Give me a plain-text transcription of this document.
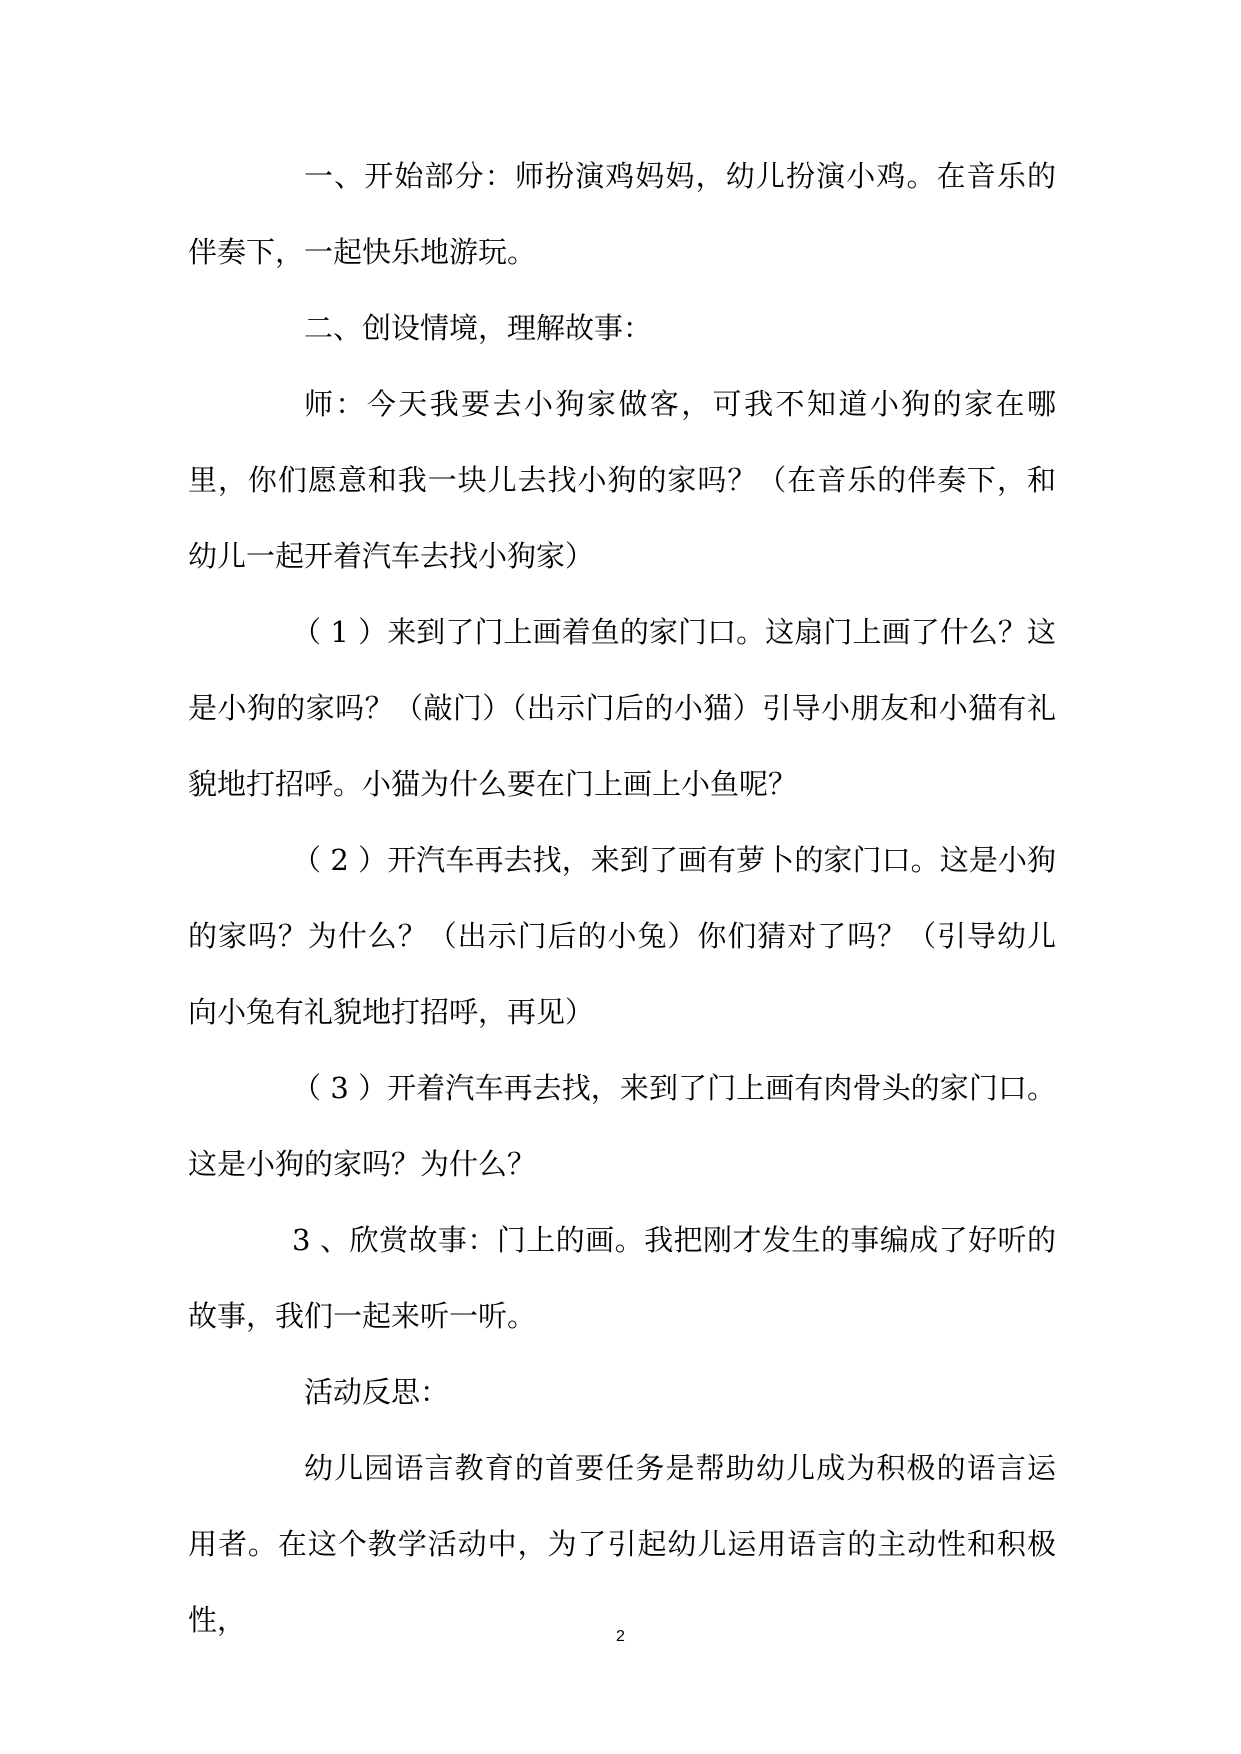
一、开始部分：师扮演鸡妈妈，幼儿扮演小鸡。在音乐的伴奏下，一起快乐地游玩。

二、创设情境，理解故事：

师：今天我要去小狗家做客，可我不知道小狗的家在哪里，你们愿意和我一块儿去找小狗的家吗？（在音乐的伴奏下，和幼儿一起开着汽车去找小狗家）

（ 1 ）来到了门上画着鱼的家门口。这扇门上画了什么？这是小狗的家吗？（敲门）（出示门后的小猫）引导小朋友和小猫有礼貌地打招呼。小猫为什么要在门上画上小鱼呢？

（ 2 ）开汽车再去找，来到了画有萝卜的家门口。这是小狗的家吗？为什么？（出示门后的小兔）你们猜对了吗？（引导幼儿向小兔有礼貌地打招呼，再见）

（ 3 ）开着汽车再去找，来到了门上画有肉骨头的家门口。这是小狗的家吗？为什么？

3 、欣赏故事：门上的画。我把刚才发生的事编成了好听的故事，我们一起来听一听。

活动反思：

幼儿园语言教育的首要任务是帮助幼儿成为积极的语言运用者。在这个教学活动中，为了引起幼儿运用语言的主动性和积极性，	2
